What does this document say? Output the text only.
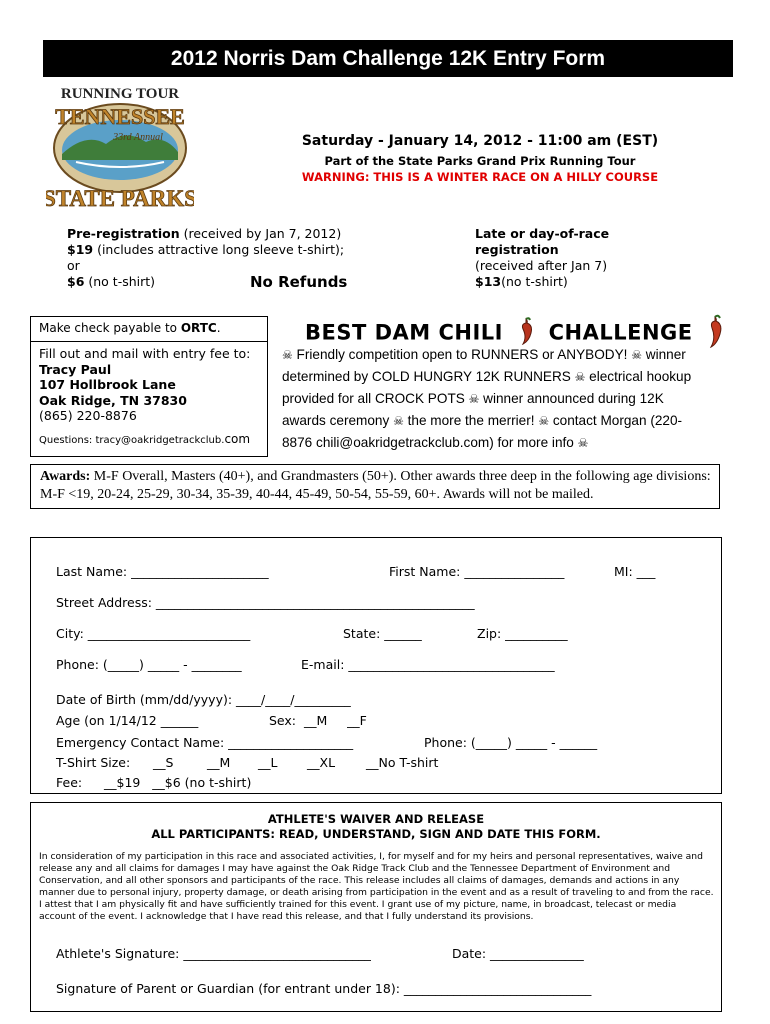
2012 Norris Dam Challenge 12K Entry Form
RUNNING TOUR
TENNESSEE
33rd Annual
STATE PARKS
Saturday - January 14, 2012 - 11:00 am (EST)
Part of the State Parks Grand Prix Running Tour
WARNING: THIS IS A WINTER RACE ON A HILLY COURSE
Pre-registration (received by Jan 7, 2012)
$19 (includes attractive long sleeve t-shirt);
or
$6 (no t-shirt)	No Refunds
Late or day-of-race
registration
(received after Jan 7)
$13(no t-shirt)
Make check payable to ORTC.
Fill out and mail with entry fee to:
Tracy Paul
107 Hollbrook Lane
Oak Ridge, TN 37830
(865) 220-8876
Questions: tracy@oakridgetrackclub.com
BEST DAM CHILI CHALLENGE
☠ Friendly competition open to RUNNERS or ANYBODY! ☠ winner
determined by COLD HUNGRY 12K RUNNERS ☠ electrical hookup
provided for all CROCK POTS ☠ winner announced during 12K
awards ceremony ☠ the more the merrier! ☠ contact Morgan (220-
8876 chili@oakridgetrackclub.com) for more info ☠
Awards: M-F Overall, Masters (40+), and Grandmasters (50+). Other awards three deep in the following age divisions: M-F <19, 20-24, 25-29, 30-34, 35-39, 40-44, 45-49, 50-54, 55-59, 60+. Awards will not be mailed.
Last Name: ______________________	First Name: ________________	MI: ___
Street Address: ___________________________________________________
City: __________________________	State: ______	Zip: __________
Phone: (_____) _____ - ________	E-mail: _________________________________
Date of Birth (mm/dd/yyyy): ____/____/_________
Age (on 1/14/12 ______	Sex:  __M     __F
Emergency Contact Name: ____________________	Phone: (_____) _____ - ______
T-Shirt Size: __S	__M __L __XL __No T-shirt
Fee: __$19   __$6 (no t-shirt)
ATHLETE'S WAIVER AND RELEASE
ALL PARTICIPANTS: READ, UNDERSTAND, SIGN AND DATE THIS FORM.
In consideration of my participation in this race and associated activities, I, for myself and for my heirs and personal representatives, waive and release any and all claims for damages I may have against the Oak Ridge Track Club and the Tennessee Department of Environment and Conservation, and all other sponsors and participants of the race. This release includes all claims of damages, demands and actions in any manner due to personal injury, property damage, or death arising from participation in the event and as a result of traveling to and from the race. I attest that I am physically fit and have sufficiently trained for this event. I grant use of my picture, name, in broadcast, telecast or media account of the event. I acknowledge that I have read this release, and that I fully understand its provisions.
Athlete's Signature: ______________________________	Date: _______________
Signature of Parent or Guardian (for entrant under 18): ______________________________
